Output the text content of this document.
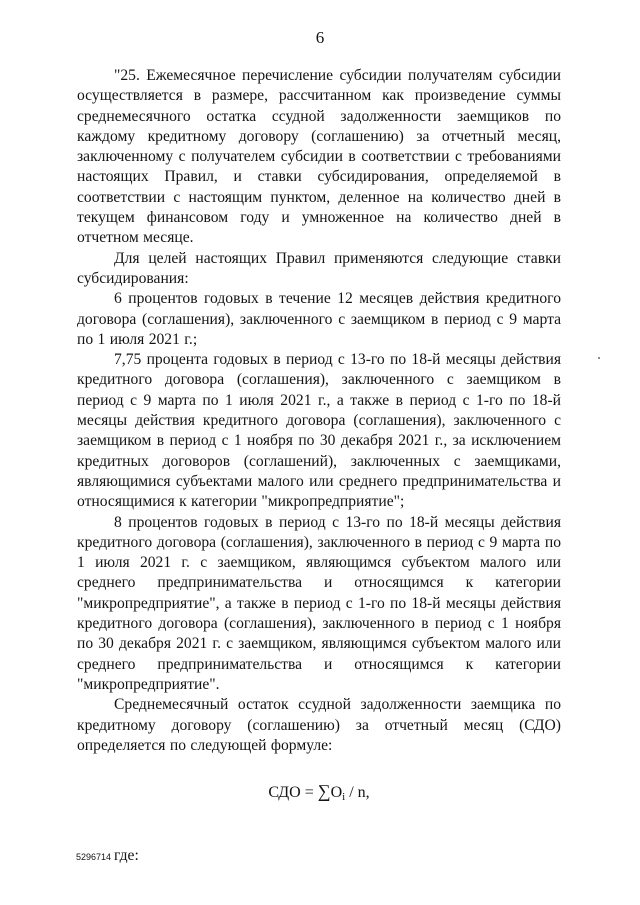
6

"25. Ежемесячное перечисление субсидии получателям субсидии осуществляется в размере, рассчитанном как произведение суммы среднемесячного остатка ссудной задолженности заемщиков по каждому кредитному договору (соглашению) за отчетный месяц, заключенному с получателем субсидии в соответствии с требованиями настоящих Правил, и ставки субсидирования, определяемой в соответствии с настоящим пунктом, деленное на количество дней в текущем финансовом году и умноженное на количество дней в отчетном месяце.

Для целей настоящих Правил применяются следующие ставки субсидирования:

6 процентов годовых в течение 12 месяцев действия кредитного договора (соглашения), заключенного с заемщиком в период с 9 марта по 1 июля 2021 г.;

7,75 процента годовых в период с 13-го по 18-й месяцы действия кредитного договора (соглашения), заключенного с заемщиком в период с 9 марта по 1 июля 2021 г., а также в период с 1-го по 18-й месяцы действия кредитного договора (соглашения), заключенного с заемщиком в период с 1 ноября по 30 декабря 2021 г., за исключением кредитных договоров (соглашений), заключенных с заемщиками, являющимися субъектами малого или среднего предпринимательства и относящимися к категории "микропредприятие";

8 процентов годовых в период с 13-го по 18-й месяцы действия кредитного договора (соглашения), заключенного в период с 9 марта по 1 июля 2021 г. с заемщиком, являющимся субъектом малого или среднего предпринимательства и относящимся к категории "микропредприятие", а также в период с 1-го по 18-й месяцы действия кредитного договора (соглашения), заключенного в период с 1 ноября по 30 декабря 2021 г. с заемщиком, являющимся субъектом малого или среднего предпринимательства и относящимся к категории "микропредприятие".

Среднемесячный остаток ссудной задолженности заемщика по кредитному договору (соглашению) за отчетный месяц (СДО) определяется по следующей формуле:

СДО = $\sum O_i$ / n,

где:

5296714
